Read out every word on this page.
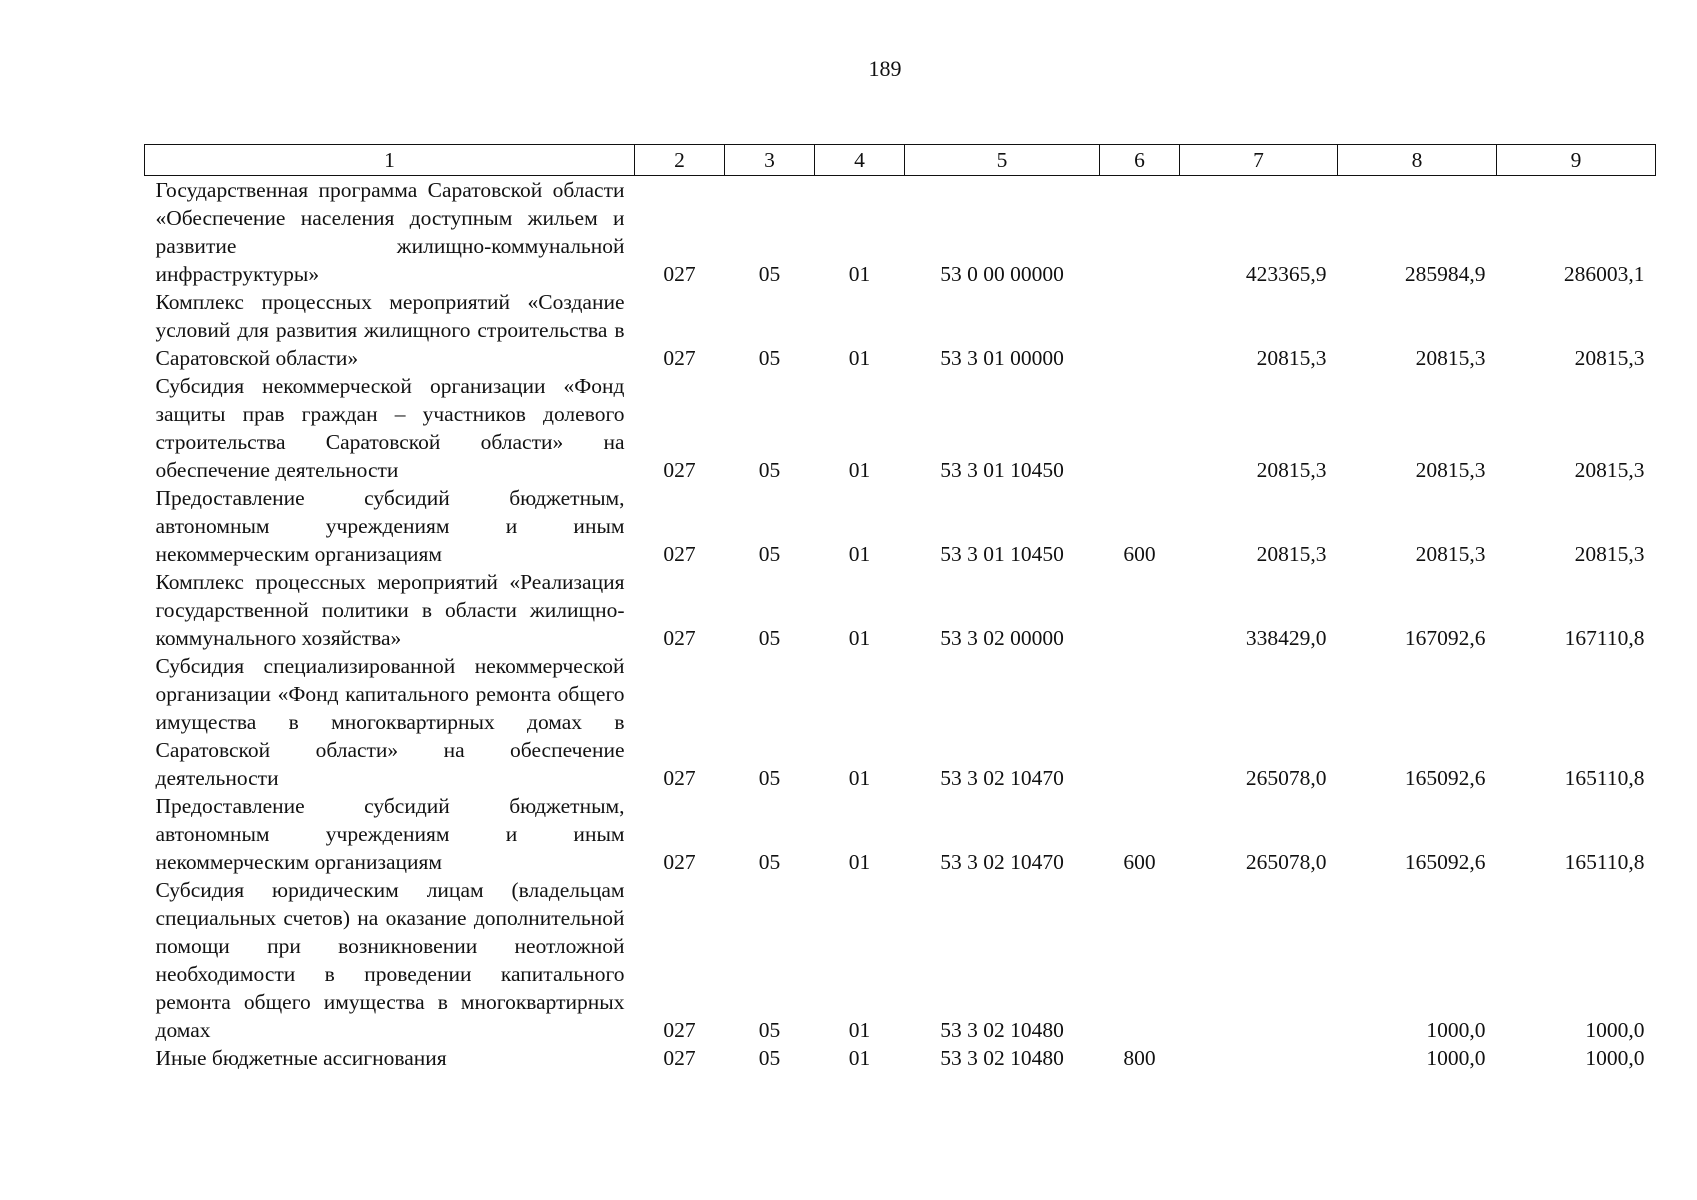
189
1	2	3	4	5	6	7	8	9
Государственная программа Саратовской области «Обеспечение населения доступным жильем и развитие жилищно-коммунальной инфраструктуры»	027	05	01	53 0 00 00000		423365,9	285984,9	286003,1
Комплекс процессных мероприятий «Создание условий для развития жилищного строительства в Саратовской области»	027	05	01	53 3 01 00000		20815,3	20815,3	20815,3
Субсидия некоммерческой организации «Фонд защиты прав граждан – участников долевого строительства Саратовской области» на обеспечение деятельности	027	05	01	53 3 01 10450		20815,3	20815,3	20815,3
Предоставление субсидий бюджетным, автономным учреждениям и иным некоммерческим организациям	027	05	01	53 3 01 10450	600	20815,3	20815,3	20815,3
Комплекс процессных мероприятий «Реализация государственной политики в области жилищно-коммунального хозяйства»	027	05	01	53 3 02 00000		338429,0	167092,6	167110,8
Субсидия специализированной некоммерческой организации «Фонд капитального ремонта общего имущества в многоквартирных домах в Саратовской области» на обеспечение деятельности	027	05	01	53 3 02 10470		265078,0	165092,6	165110,8
Предоставление субсидий бюджетным, автономным учреждениям и иным некоммерческим организациям	027	05	01	53 3 02 10470	600	265078,0	165092,6	165110,8
Субсидия юридическим лицам (владельцам специальных счетов) на оказание дополнительной помощи при возникновении неотложной необходимости в проведении капитального ремонта общего имущества в многоквартирных домах	027	05	01	53 3 02 10480			1000,0	1000,0
Иные бюджетные ассигнования	027	05	01	53 3 02 10480	800		1000,0	1000,0
